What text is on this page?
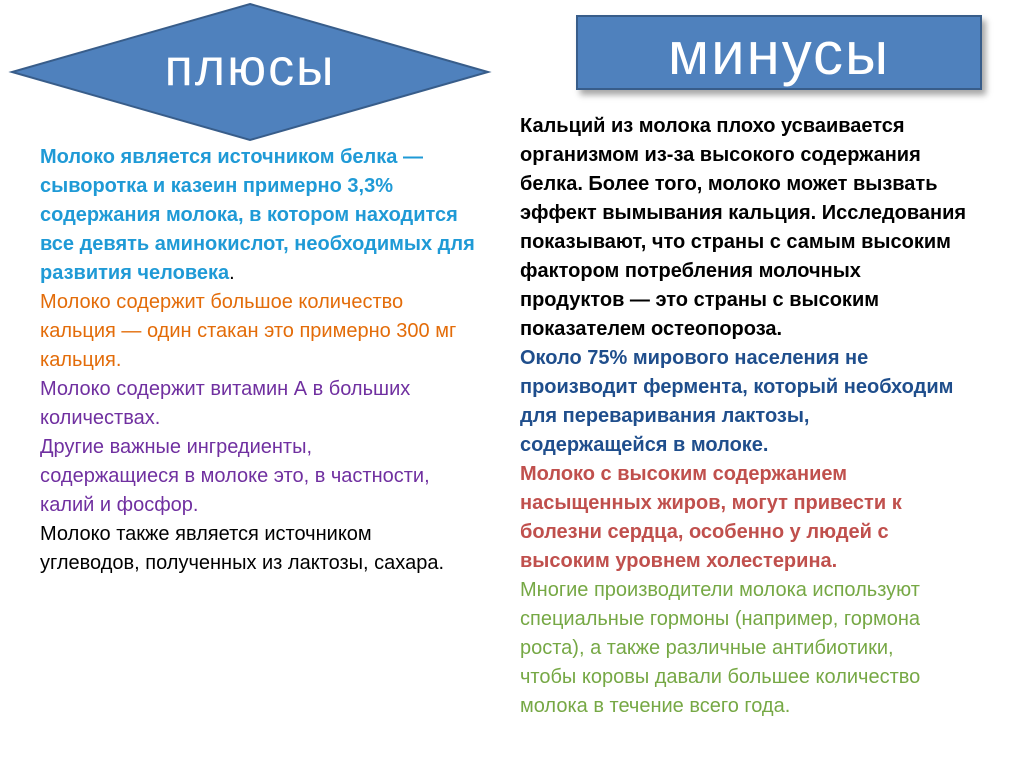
плюсы	минусы
Молоко является источником белка —
сыворотка и казеин примерно 3,3%
содержания молока, в котором находится
все девять аминокислот, необходимых для
развития человека.
Молоко содержит большое количество
кальция — один стакан это примерно 300 мг
кальция.
Молоко содержит витамин А в больших
количествах.
Другие важные ингредиенты,
содержащиеся в молоке это, в частности,
калий и фосфор.
Молоко также является источником
углеводов, полученных из лактозы, сахара.
Кальций из молока плохо усваивается
организмом из-за высокого содержания
белка. Более того, молоко может вызвать
эффект вымывания кальция. Исследования
показывают, что страны с самым высоким
фактором потребления молочных
продуктов — это страны с высоким
показателем остеопороза.
Около 75% мирового населения не
производит фермента, который необходим
для переваривания лактозы,
содержащейся в молоке.
Молоко с высоким содержанием
насыщенных жиров, могут привести к
болезни сердца, особенно у людей с
высоким уровнем холестерина.
Многие производители молока используют
специальные гормоны (например, гормона
роста), а также различные антибиотики,
чтобы коровы давали большее количество
молока в течение всего года.
